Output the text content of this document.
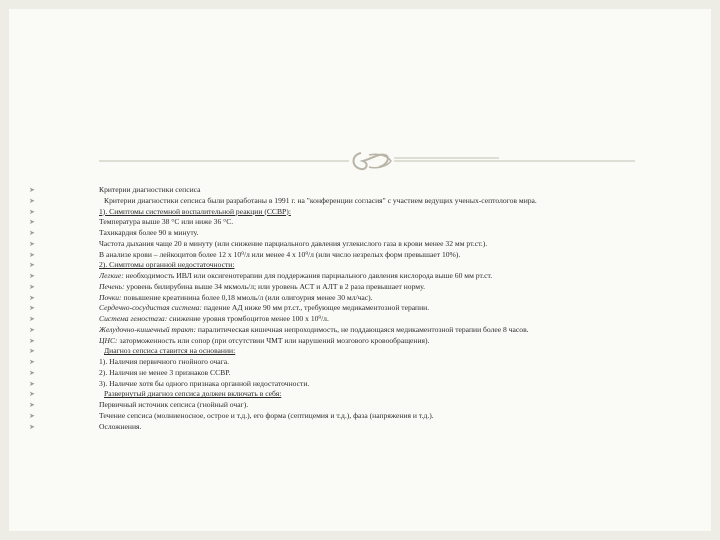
➤	Критерии диагностики сепсиса
➤	Критерии диагностики сепсиса были разработаны в 1991 г. на "конференции согласия" с участием ведущих ученых-септологов мира.
➤	1). Симптомы системной воспалительной реакции (ССВР):
➤	Температура выше 38 °С или ниже 36 °С.
➤	Тахикардия более 90 в минуту.
➤	Частота дыхания чаще 20 в минуту (или снижение парциального давления углекислого газа в крови менее 32 мм рт.ст.).
➤	В анализе крови – лейкоцитов более 12 х 10⁹/л или менее 4 х 10⁹/л (или число незрелых форм превышает 10%).
➤	2). Симптомы органной недостаточности:
➤	Легкие: необходимость ИВЛ или оксигенотерапии для поддержания парциального давления кислорода выше 60 мм рт.ст.
➤	Печень: уровень билирубина выше 34 мкмоль/л; или уровень АСТ и АЛТ в 2 раза превышает норму.
➤	Почки: повышение креатинина более 0,18 ммоль/л (или олигоурия менее 30 мл/час).
➤	Сердечно-сосудистая система: падение АД ниже 90 мм рт.ст., требующее медикаментозной терапии.
➤	Система гемостаза: снижение уровня тромбоцитов менее 100 х 10⁹/л.
➤	Желудочно-кишечный тракт: паралитическая кишечная непроходимость, не поддающаяся медикаментозной терапии более 8 часов.
➤	ЦНС: заторможенность или сопор (при отсутствии ЧМТ или нарушений мозгового кровообращения).
➤	Диагноз сепсиса ставится на основании:
➤	1). Наличия первичного гнойного очага.
➤	2). Наличия не менее 3 признаков ССВР.
➤	3). Наличие хотя бы одного признака органной недостаточности.
➤	Развернутый диагноз сепсиса должен включать в себя:
➤	Первичный источник сепсиса (гнойный очаг).
➤	Течение сепсиса (молниеносное, острое и т.д.), его форма (септицемия и т.д.), фаза (напряжения и т.д.).
➤	Осложнения.
